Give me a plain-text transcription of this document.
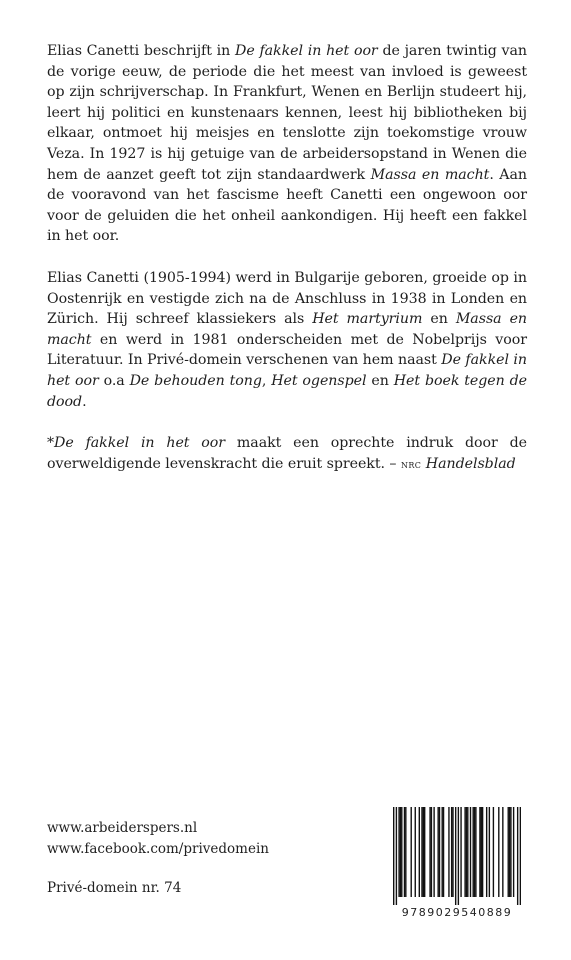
Elias Canetti beschrijft in De fakkel in het oor de jaren twintig van de vorige eeuw, de periode die het meest van invloed is geweest op zijn schrijverschap. In Frankfurt, Wenen en Berlijn studeert hij, leert hij politici en kunstenaars kennen, leest hij bibliotheken bij elkaar, ontmoet hij meisjes en tenslotte zijn toekomstige vrouw Veza. In 1927 is hij getuige van de arbeidersopstand in Wenen die hem de aanzet geeft tot zijn standaardwerk Massa en macht. Aan de vooravond van het fascisme heeft Canetti een ongewoon oor voor de geluiden die het onheil aankondigen. Hij heeft een fakkel in het oor.

Elias Canetti (1905-1994) werd in Bulgarije geboren, groeide op in Oostenrijk en vestigde zich na de Anschluss in 1938 in Londen en Zürich. Hij schreef klassiekers als Het martyrium en Massa en macht en werd in 1981 onderscheiden met de Nobelprijs voor Literatuur. In Privé-domein verschenen van hem naast De fakkel in het oor o.a De behouden tong, Het ogenspel en Het boek tegen de dood.

*De fakkel in het oor maakt een oprechte indruk door de overweldigende levenskracht die eruit spreekt. – nrc Handelsblad

www.arbeiderspers.nl
www.facebook.com/privedomein
Privé-domein nr. 74
9789029540889
